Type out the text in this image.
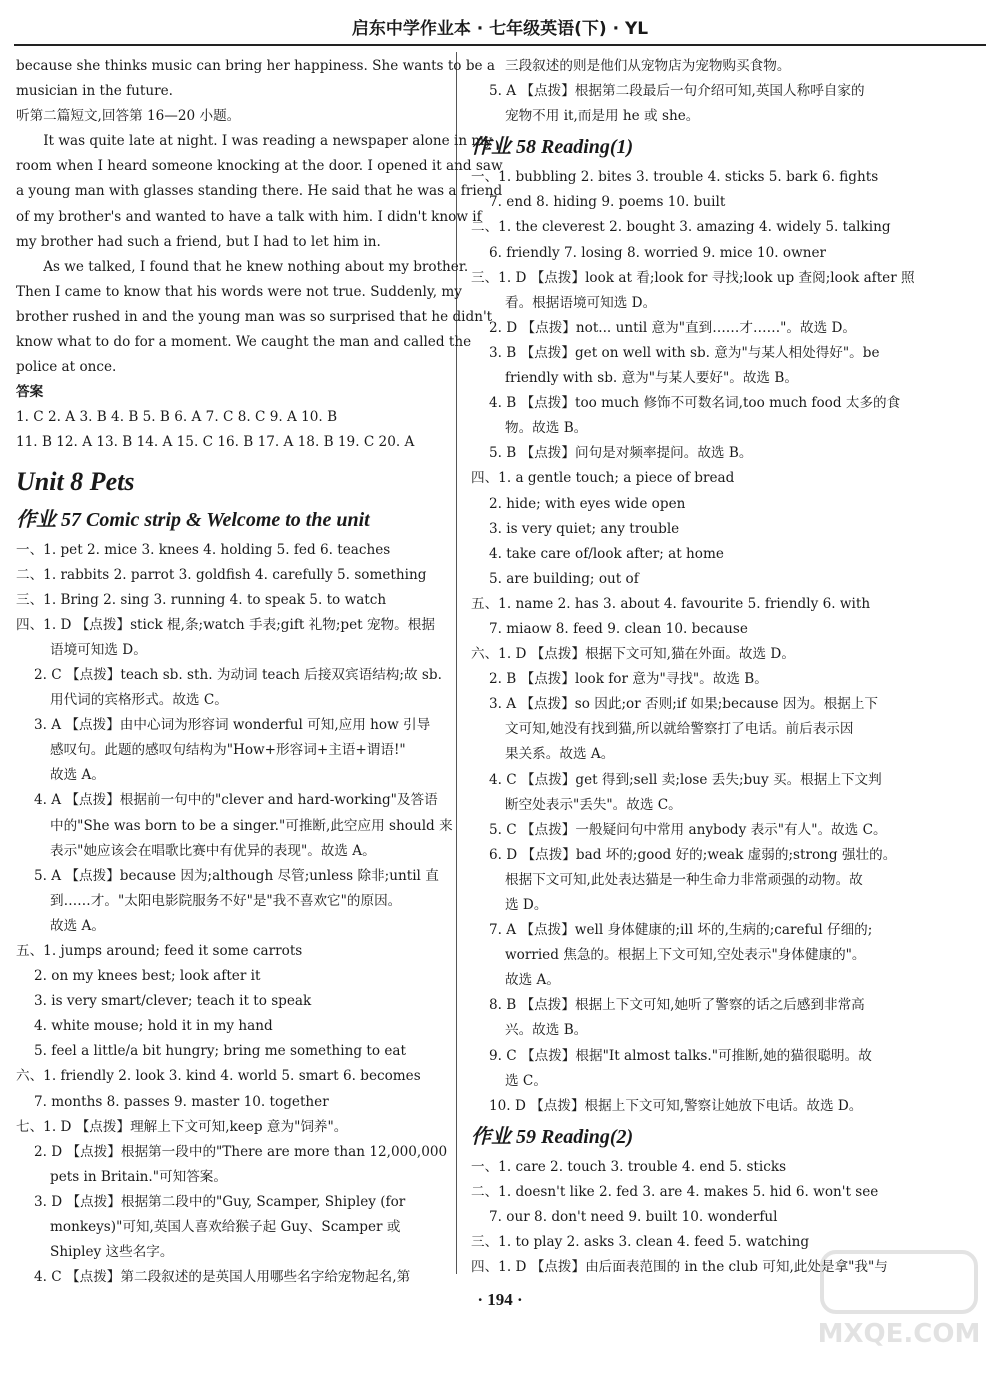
启东中学作业本 · 七年级英语(下) · YL
because she thinks music can bring her happiness. She wants to be a
musician in the future.
听第二篇短文,回答第 16—20 小题。
It was quite late at night. I was reading a newspaper alone in my
room when I heard someone knocking at the door. I opened it and saw
a young man with glasses standing there. He said that he was a friend
of my brother's and wanted to have a talk with him. I didn't know if
my brother had such a friend, but I had to let him in.
As we talked, I found that he knew nothing about my brother.
Then I came to know that his words were not true. Suddenly, my
brother rushed in and the young man was so surprised that he didn't
know what to do for a moment. We caught the man and called the
police at once.
答案
1. C 2. A 3. B 4. B 5. B 6. A 7. C 8. C 9. A 10. B
11. B 12. A 13. B 14. A 15. C 16. B 17. A 18. B 19. C 20. A
Unit 8 Pets
作业 57 Comic strip & Welcome to the unit
一、1. pet 2. mice 3. knees 4. holding 5. fed 6. teaches
二、1. rabbits 2. parrot 3. goldfish 4. carefully 5. something
三、1. Bring 2. sing 3. running 4. to speak 5. to watch
四、1. D 【点拨】stick 棍,条;watch 手表;gift 礼物;pet 宠物。根据
语境可知选 D。
2. C 【点拨】teach sb. sth. 为动词 teach 后接双宾语结构;故 sb.
用代词的宾格形式。故选 C。
3. A 【点拨】由中心词为形容词 wonderful 可知,应用 how 引导
感叹句。此题的感叹句结构为"How+形容词+主语+谓语!"
故选 A。
4. A 【点拨】根据前一句中的"clever and hard-working"及答语
中的"She was born to be a singer."可推断,此空应用 should 来
表示"她应该会在唱歌比赛中有优异的表现"。故选 A。
5. A 【点拨】because 因为;although 尽管;unless 除非;until 直
到……才。"太阳电影院服务不好"是"我不喜欢它"的原因。
故选 A。
五、1. jumps around; feed it some carrots
2. on my knees best; look after it
3. is very smart/clever; teach it to speak
4. white mouse; hold it in my hand
5. feel a little/a bit hungry; bring me something to eat
六、1. friendly 2. look 3. kind 4. world 5. smart 6. becomes
7. months 8. passes 9. master 10. together
七、1. D 【点拨】理解上下文可知,keep 意为"饲养"。
2. D 【点拨】根据第一段中的"There are more than 12,000,000
pets in Britain."可知答案。
3. D 【点拨】根据第二段中的"Guy, Scamper, Shipley (for
monkeys)"可知,英国人喜欢给猴子起 Guy、Scamper 或
Shipley 这些名字。
4. C 【点拨】第二段叙述的是英国人用哪些名字给宠物起名,第
三段叙述的则是他们从宠物店为宠物购买食物。
5. A 【点拨】根据第二段最后一句介绍可知,英国人称呼自家的
宠物不用 it,而是用 he 或 she。
作业 58 Reading(1)
一、1. bubbling 2. bites 3. trouble 4. sticks 5. bark 6. fights
7. end 8. hiding 9. poems 10. built
二、1. the cleverest 2. bought 3. amazing 4. widely 5. talking
6. friendly 7. losing 8. worried 9. mice 10. owner
三、1. D 【点拨】look at 看;look for 寻找;look up 查阅;look after 照
看。根据语境可知选 D。
2. D 【点拨】not... until 意为"直到……才……"。故选 D。
3. B 【点拨】get on well with sb. 意为"与某人相处得好"。be
friendly with sb. 意为"与某人要好"。故选 B。
4. B 【点拨】too much 修饰不可数名词,too much food 太多的食
物。故选 B。
5. B 【点拨】问句是对频率提问。故选 B。
四、1. a gentle touch; a piece of bread
2. hide; with eyes wide open
3. is very quiet; any trouble
4. take care of/look after; at home
5. are building; out of
五、1. name 2. has 3. about 4. favourite 5. friendly 6. with
7. miaow 8. feed 9. clean 10. because
六、1. D 【点拨】根据下文可知,猫在外面。故选 D。
2. B 【点拨】look for 意为"寻找"。故选 B。
3. A 【点拨】so 因此;or 否则;if 如果;because 因为。根据上下
文可知,她没有找到猫,所以就给警察打了电话。前后表示因
果关系。故选 A。
4. C 【点拨】get 得到;sell 卖;lose 丢失;buy 买。根据上下文判
断空处表示"丢失"。故选 C。
5. C 【点拨】一般疑问句中常用 anybody 表示"有人"。故选 C。
6. D 【点拨】bad 坏的;good 好的;weak 虚弱的;strong 强壮的。
根据下文可知,此处表达猫是一种生命力非常顽强的动物。故
选 D。
7. A 【点拨】well 身体健康的;ill 坏的,生病的;careful 仔细的;
worried 焦急的。根据上下文可知,空处表示"身体健康的"。
故选 A。
8. B 【点拨】根据上下文可知,她听了警察的话之后感到非常高
兴。故选 B。
9. C 【点拨】根据"It almost talks."可推断,她的猫很聪明。故
选 C。
10. D 【点拨】根据上下文可知,警察让她放下电话。故选 D。
作业 59 Reading(2)
一、1. care 2. touch 3. trouble 4. end 5. sticks
二、1. doesn't like 2. fed 3. are 4. makes 5. hid 6. won't see
7. our 8. don't need 9. built 10. wonderful
三、1. to play 2. asks 3. clean 4. feed 5. watching
四、1. D 【点拨】由后面表范围的 in the club 可知,此处是拿"我"与
· 194 ·
MXQE.COM
